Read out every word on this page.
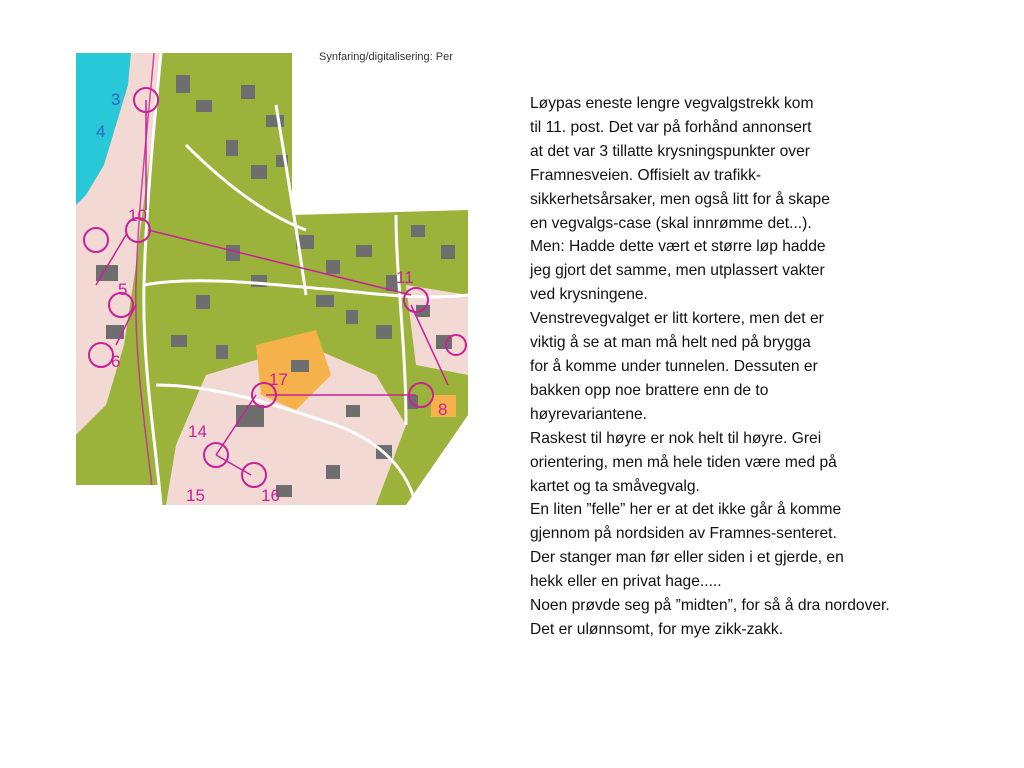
3
4
10
11
5
6
17
14
15	16
8
Synfaring/digitalisering: Per
Løypas eneste lengre vegvalgstrekk kom
til 11. post. Det var på forhånd annonsert
at det var 3 tillatte krysningspunkter over
Framnesveien. Offisielt av trafikk-
sikkerhetsårsaker, men også litt for å skape
en vegvalgs-case (skal innrømme det...).
Men: Hadde dette vært et større løp hadde
jeg gjort det samme, men utplassert vakter
ved krysningene.
Venstrevegvalget er litt kortere, men det er
viktig å se at man må helt ned på brygga
for å komme under tunnelen. Dessuten er
bakken opp noe brattere enn de to
høyrevariantene.
Raskest til høyre er nok helt til høyre. Grei
orientering, men må hele tiden være med på
kartet og ta småvegvalg.
En liten ”felle” her er at det ikke går å komme
gjennom på nordsiden av Framnes-senteret.
Der stanger man før eller siden i et gjerde, en
hekk eller en privat hage.....
Noen prøvde seg på ”midten”, for så å dra nordover.
Det er ulønnsomt, for mye zikk-zakk.
